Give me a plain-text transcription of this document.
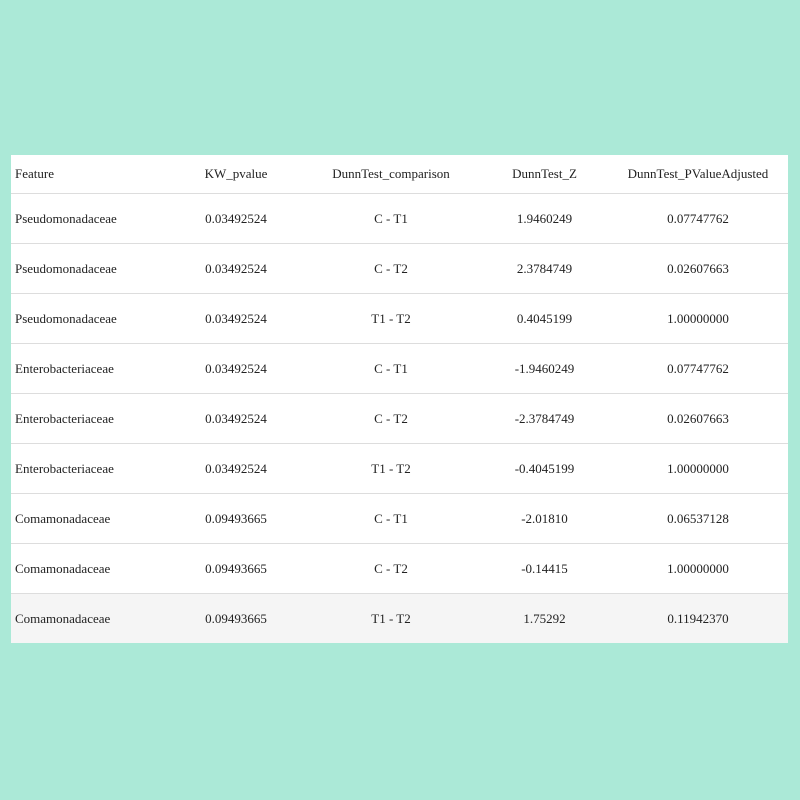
Feature	KW_pvalue	DunnTest_comparison	DunnTest_Z	DunnTest_PValueAdjusted
Pseudomonadaceae	0.03492524	C - T1	1.9460249	0.07747762
Pseudomonadaceae	0.03492524	C - T2	2.3784749	0.02607663
Pseudomonadaceae	0.03492524	T1 - T2	0.4045199	1.00000000
Enterobacteriaceae	0.03492524	C - T1	-1.9460249	0.07747762
Enterobacteriaceae	0.03492524	C - T2	-2.3784749	0.02607663
Enterobacteriaceae	0.03492524	T1 - T2	-0.4045199	1.00000000
Comamonadaceae	0.09493665	C - T1	-2.01810	0.06537128
Comamonadaceae	0.09493665	C - T2	-0.14415	1.00000000
Comamonadaceae	0.09493665	T1 - T2	1.75292	0.11942370
